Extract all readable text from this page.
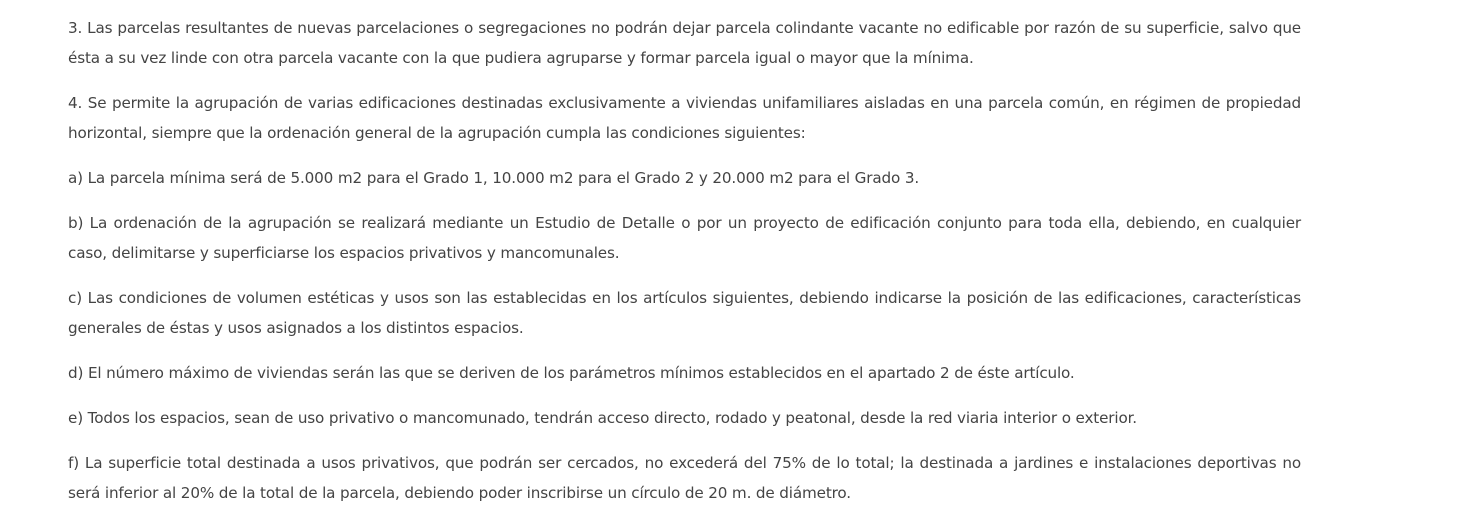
3. Las parcelas resultantes de nuevas parcelaciones o segregaciones no podrán dejar parcela colindante vacante no edificable por razón de su superficie, salvo que ésta a su vez linde con otra parcela vacante con la que pudiera agruparse y formar parcela igual o mayor que la mínima.

4. Se permite la agrupación de varias edificaciones destinadas exclusivamente a viviendas unifamiliares aisladas en una parcela común, en régimen de propiedad horizontal, siempre que la ordenación general de la agrupación cumpla las condiciones siguientes:

a) La parcela mínima será de 5.000 m2 para el Grado 1, 10.000 m2 para el Grado 2 y 20.000 m2 para el Grado 3.

b) La ordenación de la agrupación se realizará mediante un Estudio de Detalle o por un proyecto de edificación conjunto para toda ella, debiendo, en cualquier caso, delimitarse y superficiarse los espacios privativos y mancomunales.

c) Las condiciones de volumen estéticas y usos son las establecidas en los artículos siguientes, debiendo indicarse la posición de las edificaciones, características generales de éstas y usos asignados a los distintos espacios.

d) El número máximo de viviendas serán las que se deriven de los parámetros mínimos establecidos en el apartado 2 de éste artículo.

e) Todos los espacios, sean de uso privativo o mancomunado, tendrán acceso directo, rodado y peatonal, desde la red viaria interior o exterior.

f) La superficie total destinada a usos privativos, que podrán ser cercados, no excederá del 75% de lo total; la destinada a jardines e instalaciones deportivas no será inferior al 20% de la total de la parcela, debiendo poder inscribirse un círculo de 20 m. de diámetro.
